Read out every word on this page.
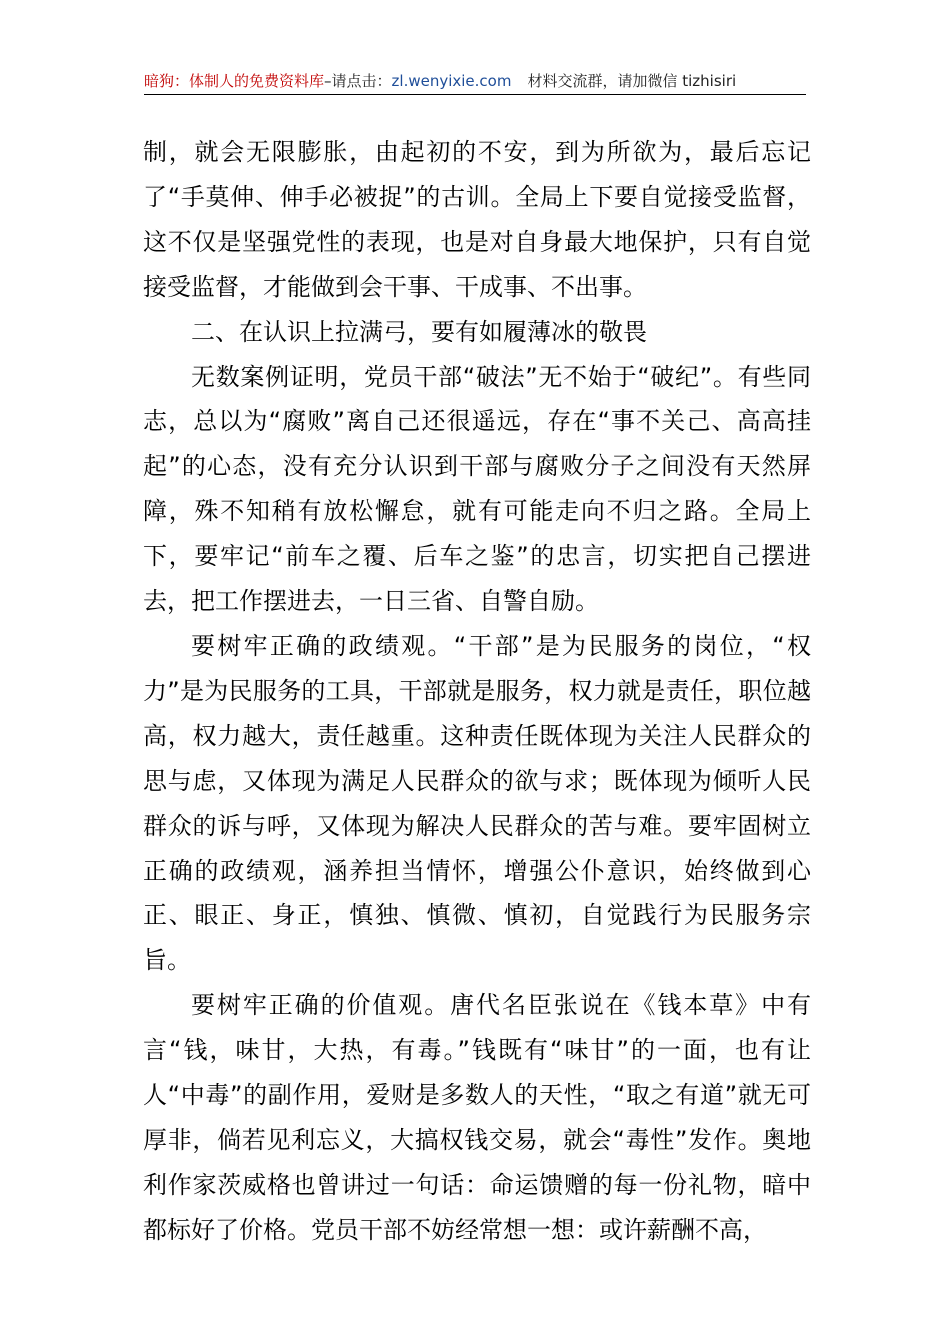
暗狗：体制人的免费资料库–请点击：zl.wenyixie.com 材料交流群，请加微信 tizhisiri

制，就会无限膨胀，由起初的不安，到为所欲为，最后忘记了“手莫伸、伸手必被捉”的古训。全局上下要自觉接受监督，这不仅是坚强党性的表现，也是对自身最大地保护，只有自觉接受监督，才能做到会干事、干成事、不出事。

二、在认识上拉满弓，要有如履薄冰的敬畏

无数案例证明，党员干部“破法”无不始于“破纪”。有些同志，总以为“腐败”离自己还很遥远，存在“事不关己、高高挂起”的心态，没有充分认识到干部与腐败分子之间没有天然屏障，殊不知稍有放松懈怠，就有可能走向不归之路。全局上下，要牢记“前车之覆、后车之鉴”的忠言，切实把自己摆进去，把工作摆进去，一日三省、自警自励。

要树牢正确的政绩观。“干部”是为民服务的岗位，“权力”是为民服务的工具，干部就是服务，权力就是责任，职位越高，权力越大，责任越重。这种责任既体现为关注人民群众的思与虑，又体现为满足人民群众的欲与求；既体现为倾听人民群众的诉与呼，又体现为解决人民群众的苦与难。要牢固树立正确的政绩观，涵养担当情怀，增强公仆意识，始终做到心正、眼正、身正，慎独、慎微、慎初，自觉践行为民服务宗旨。

要树牢正确的价值观。唐代名臣张说在《钱本草》中有言“钱，味甘，大热，有毒。”钱既有“味甘”的一面，也有让人“中毒”的副作用，爱财是多数人的天性，“取之有道”就无可厚非，倘若见利忘义，大搞权钱交易，就会“毒性”发作。奥地利作家茨威格也曾讲过一句话：命运馈赠的每一份礼物，暗中都标好了价格。党员干部不妨经常想一想：或许薪酬不高，
